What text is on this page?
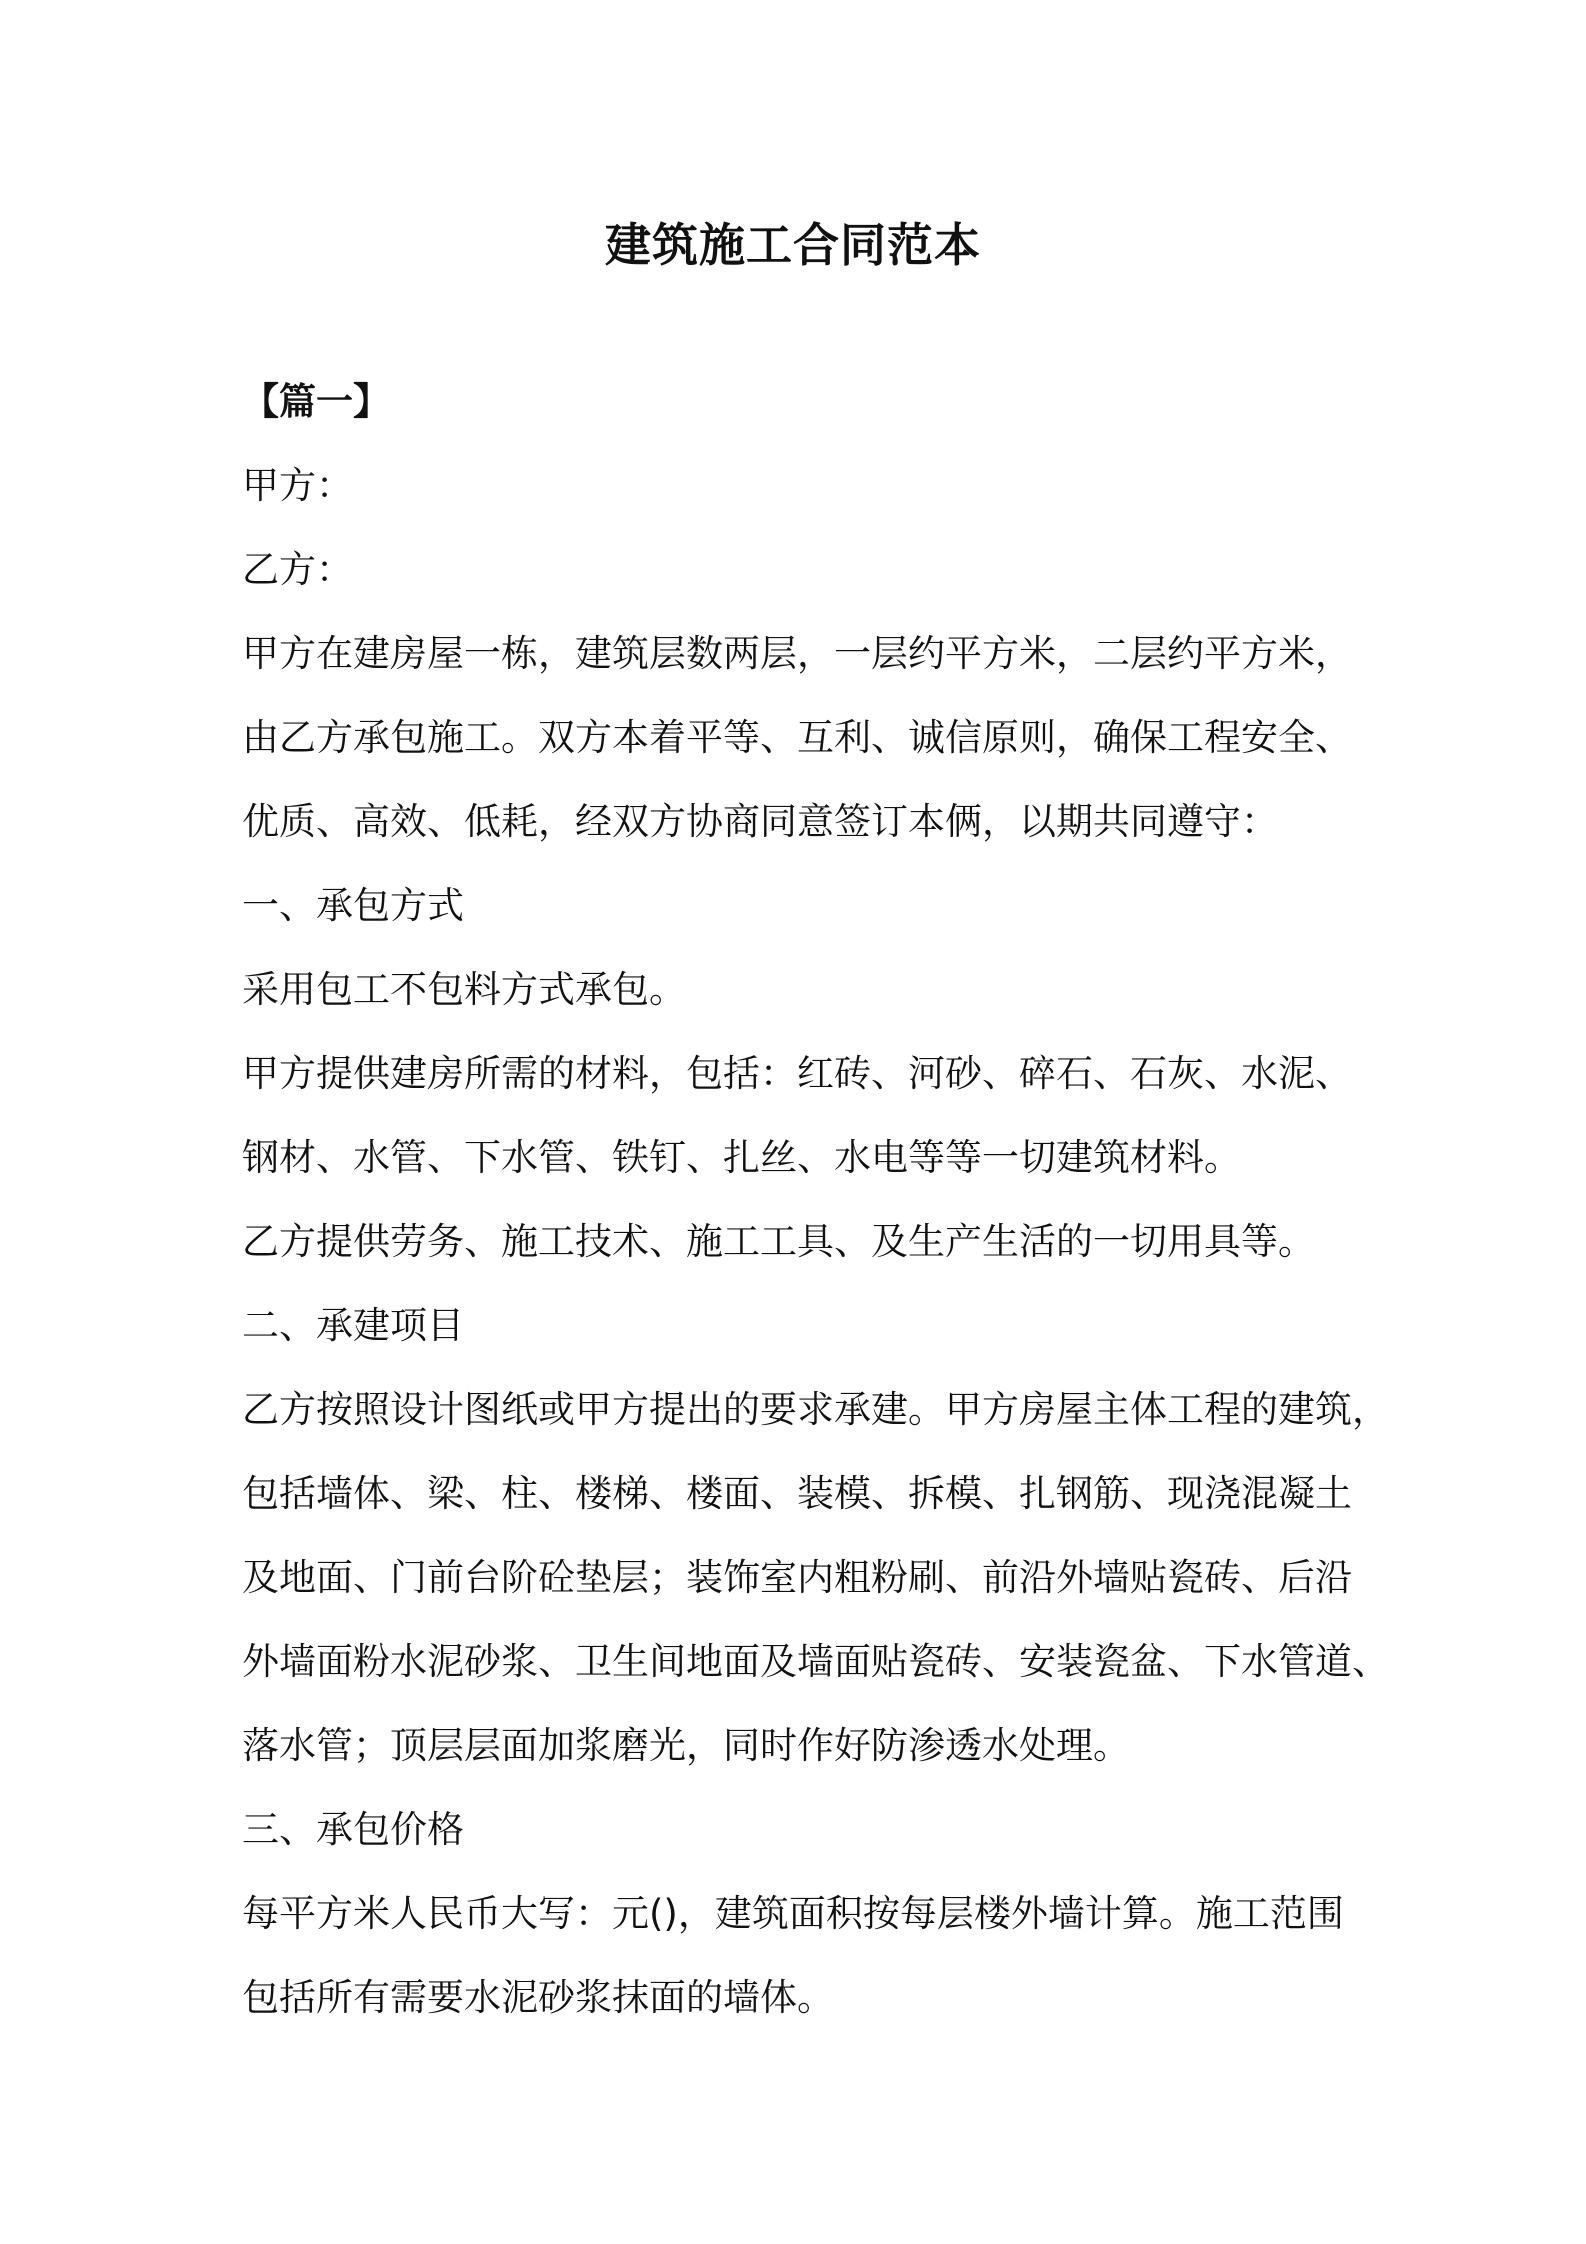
建筑施工合同范本
【篇一】
甲方：
乙方：
甲方在建房屋一栋，建筑层数两层，一层约平方米，二层约平方米，
由乙方承包施工。双方本着平等、互利、诚信原则，确保工程安全、
优质、高效、低耗，经双方协商同意签订本俩，以期共同遵守：
一、承包方式
采用包工不包料方式承包。
甲方提供建房所需的材料，包括：红砖、河砂、碎石、石灰、水泥、
钢材、水管、下水管、铁钉、扎丝、水电等等一切建筑材料。
乙方提供劳务、施工技术、施工工具、及生产生活的一切用具等。
二、承建项目
乙方按照设计图纸或甲方提出的要求承建。甲方房屋主体工程的建筑，
包括墙体、梁、柱、楼梯、楼面、装模、拆模、扎钢筋、现浇混凝土
及地面、门前台阶砼垫层；装饰室内粗粉刷、前沿外墙贴瓷砖、后沿
外墙面粉水泥砂浆、卫生间地面及墙面贴瓷砖、安装瓷盆、下水管道、
落水管；顶层层面加浆磨光，同时作好防渗透水处理。
三、承包价格
每平方米人民币大写：元()，建筑面积按每层楼外墙计算。施工范围
包括所有需要水泥砂浆抹面的墙体。
